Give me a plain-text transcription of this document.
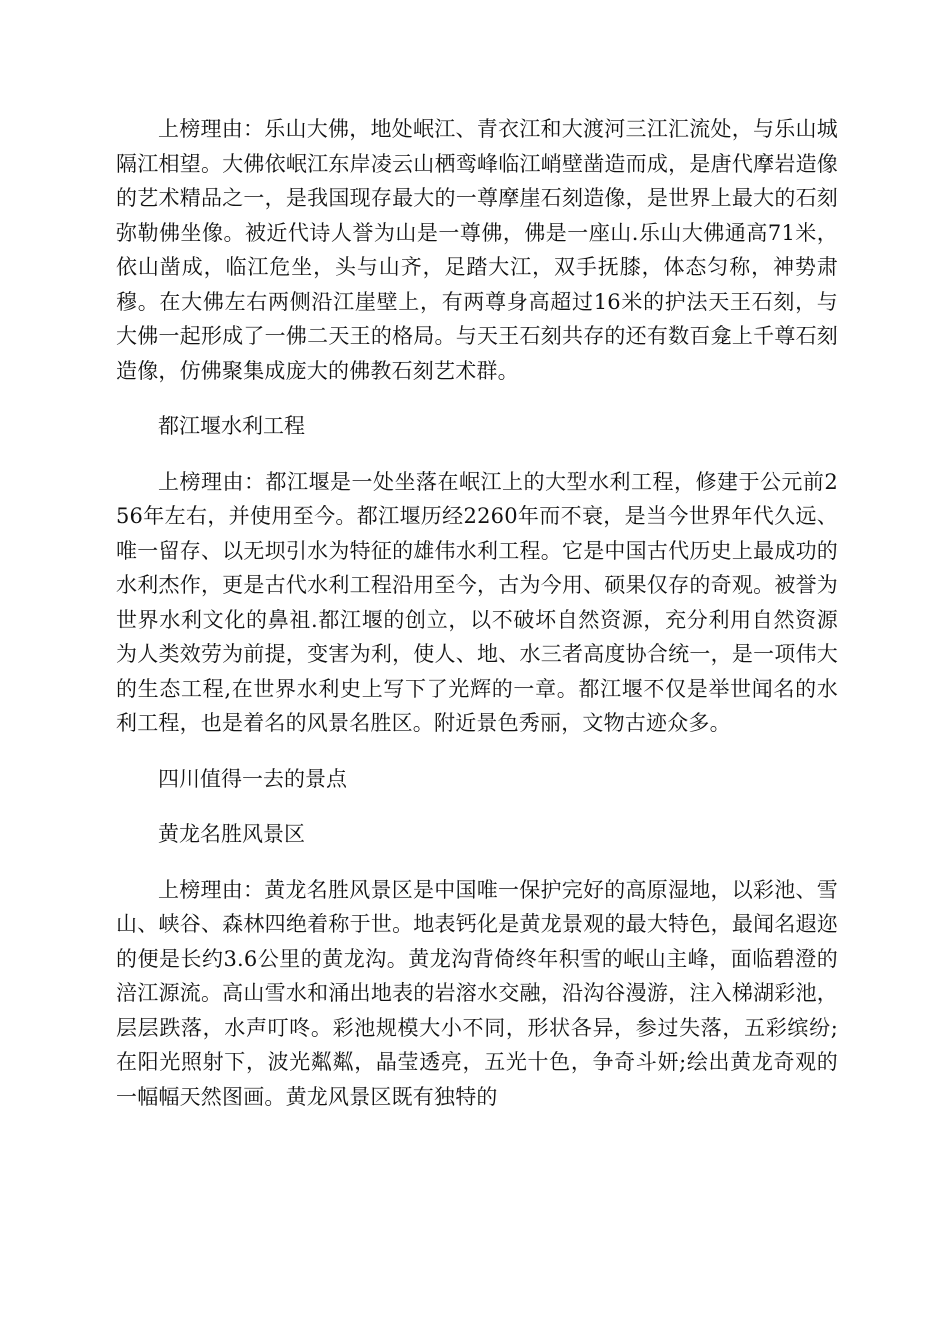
上榜理由：乐山大佛，地处岷江、青衣江和大渡河三江汇流处，与乐山城隔江相望。大佛依岷江东岸凌云山栖鸾峰临江峭壁凿造而成，是唐代摩岩造像的艺术精品之一，是我国现存最大的一尊摩崖石刻造像，是世界上最大的石刻弥勒佛坐像。被近代诗人誉为山是一尊佛，佛是一座山.乐山大佛通高71米，依山凿成，临江危坐，头与山齐，足踏大江，双手抚膝，体态匀称，神势肃穆。在大佛左右两侧沿江崖壁上，有两尊身高超过16米的护法天王石刻，与大佛一起形成了一佛二天王的格局。与天王石刻共存的还有数百龛上千尊石刻造像，仿佛聚集成庞大的佛教石刻艺术群。

都江堰水利工程

上榜理由：都江堰是一处坐落在岷江上的大型水利工程，修建于公元前256年左右，并使用至今。都江堰历经2260年而不衰，是当今世界年代久远、唯一留存、以无坝引水为特征的雄伟水利工程。它是中国古代历史上最成功的水利杰作，更是古代水利工程沿用至今，古为今用、硕果仅存的奇观。被誉为世界水利文化的鼻祖.都江堰的创立，以不破坏自然资源，充分利用自然资源为人类效劳为前提，变害为利，使人、地、水三者高度协合统一，是一项伟大的生态工程,在世界水利史上写下了光辉的一章。都江堰不仅是举世闻名的水利工程，也是着名的风景名胜区。附近景色秀丽，文物古迹众多。

四川值得一去的景点

黄龙名胜风景区

上榜理由：黄龙名胜风景区是中国唯一保护完好的高原湿地，以彩池、雪山、峡谷、森林四绝着称于世。地表钙化是黄龙景观的最大特色，最闻名遐迩的便是长约3.6公里的黄龙沟。黄龙沟背倚终年积雪的岷山主峰，面临碧澄的涪江源流。高山雪水和涌出地表的岩溶水交融，沿沟谷漫游，注入梯湖彩池，层层跌落，水声叮咚。彩池规模大小不同，形状各异，参过失落，五彩缤纷;在阳光照射下，波光粼粼，晶莹透亮，五光十色，争奇斗妍;绘出黄龙奇观的一幅幅天然图画。黄龙风景区既有独特的
